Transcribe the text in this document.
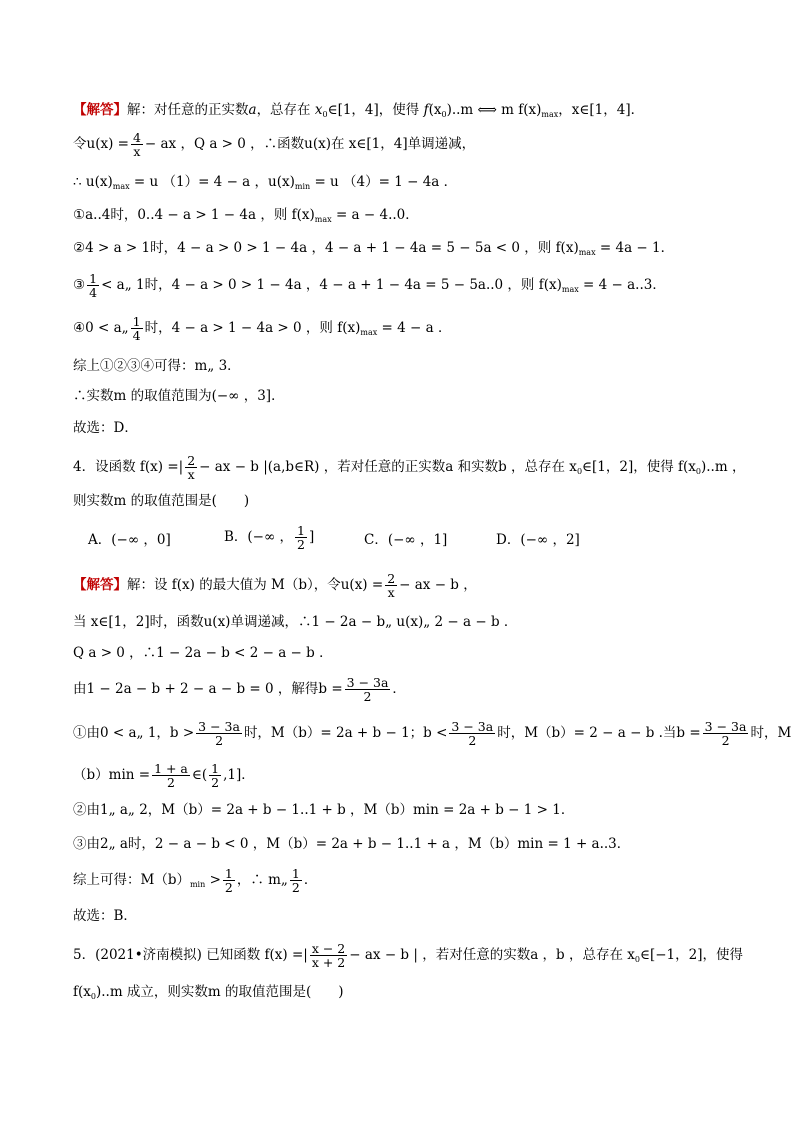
【解答】解：对任意的正实数a，总存在 $x_0\in[1$，4]，使得 $f(x_0)..m$ ⟺ m $f(x)_{max}$，x∈[1，4]．
令$u(x) = \frac{4}{x}$ − ax ，Q a > 0 ，∴函数u(x)在 x∈[1，4]单调递减，
∴ $u(x)_{max} = u$ （1）= 4 − a ，$u(x)_{min} = u$ （4）= 1 − 4a ．
①a..4时，0..4 − a > 1 − 4a ，则 $f(x)_{max} = a - 4..0$．
②4 > a > 1时，4 − a > 0 > 1 − 4a ，4 − a + 1 − 4a = 5 − 5a < 0 ，则 $f(x)_{max} = 4a - 1$．
③ $\frac{1}{4}$ < a„ 1时，4 − a > 0 > 1 − 4a ，4 − a + 1 − 4a = 5 − 5a..0 ，则 $f(x)_{max} = 4 - a..3$．
④0 < a„ $\frac{1}{4}$ 时，4 − a > 1 − 4a > 0 ，则 $f(x)_{max} = 4 - a$ ．
综上①②③④可得：m„ 3．
∴实数m 的取值范围为(−∞ ，3]．
故选：D．
4．设函数 f(x) =| $\frac{2}{x}$ − ax − b |(a,b∈R) ，若对任意的正实数a 和实数b ，总存在 $x_0\in[1$，2]，使得 $f(x_0)..m$ ，
则实数m 的取值范围是(　　)
A．(−∞ ，0]	B．(−∞ ， $\frac{1}{2}$ ]	C．(−∞ ，1]	D．(−∞ ，2]
【解答】解：设 f(x) 的最大值为 M（b），令$u(x) = \frac{2}{x}$ − ax − b ，
当 x∈[1，2]时，函数u(x)单调递减，∴1 − 2a − b„ u(x)„ 2 − a − b ．
Q a > 0 ，∴1 − 2a − b < 2 − a − b ．
由1 − 2a − b + 2 − a − b = 0 ，解得$b = \frac{3 - 3a}{2}$ ．
①由0 < a„ 1，$b > \frac{3 - 3a}{2}$ 时，M（b）= 2a + b − 1；$b < \frac{3 - 3a}{2}$ 时，M（b）= 2 − a − b .当$b = \frac{3 - 3a}{2}$ 时，M
$(b)\min = \frac{1 + a}{2}$ ∈( $\frac{1}{2} ,1$]．
②由1„ a„ 2，M（b）= 2a + b − 1..1 + b ，M（b）min = 2a + b − 1 > 1．
③由2„ a时，2 − a − b < 0 ，M（b）= 2a + b − 1..1 + a ，M（b）min = 1 + a..3．
综上可得：$M(b)_{min} > \frac{1}{2}$ ，∴ m„ $\frac{1}{2}$ ．
故选：B．
5．(2021•济南模拟) 已知函数 f(x) =| $\frac{x - 2}{x + 2}$ − ax − b | ，若对任意的实数a ，b ，总存在 $x_0\in[-1$，2]，使得
$f(x_0)..m$ 成立，则实数m 的取值范围是(　　)
